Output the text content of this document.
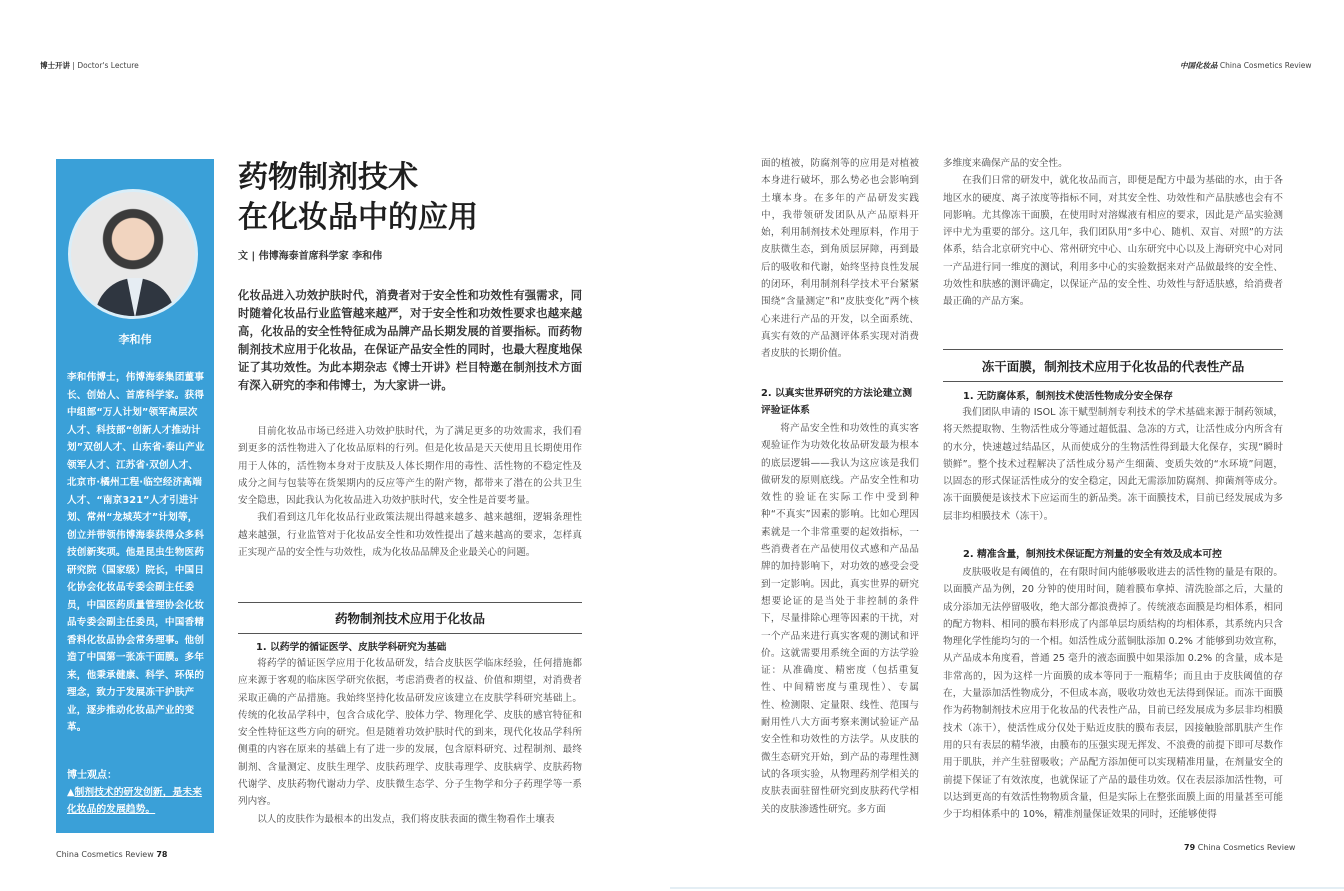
博士开讲 | Doctor's Lecture	中国化妆品 China Cosmetics Review
李和伟
李和伟博士，伟博海泰集团董事长、创始人、首席科学家。获得中组部“万人计划”领军高层次人才、科技部“创新人才推动计划”双创人才、山东省·泰山产业领军人才、江苏省·双创人才、北京市·橘州工程·临空经济高端人才、“南京321”人才引进计划、常州“龙城英才”计划等，创立并带领伟博海泰获得众多科技创新奖项。他是昆虫生物医药研究院（国家级）院长，中国日化协会化妆品专委会副主任委员，中国医药质量管理协会化妆品专委会副主任委员，中国香精香料化妆品协会常务理事。他创造了中国第一张冻干面膜。多年来，他秉承健康、科学、环保的理念，致力于发展冻干护肤产业，逐步推动化妆品产业的变革。
博士观点：
▲制剂技术的研发创新，是未来化妆品的发展趋势。
药物制剂技术
在化妆品中的应用
文 | 伟博海泰首席科学家 李和伟
化妆品进入功效护肤时代，消费者对于安全性和功效性有强需求，同时随着化妆品行业监管越来越严，对于安全性和功效性要求也越来越高，化妆品的安全性特征成为品牌产品长期发展的首要指标。而药物制剂技术应用于化妆品，在保证产品安全性的同时，也最大程度地保证了其功效性。为此本期杂志《博士开讲》栏目特邀在制剂技术方面有深入研究的李和伟博士，为大家讲一讲。

目前化妆品市场已经进入功效护肤时代，为了满足更多的功效需求，我们看到更多的活性物进入了化妆品原料的行列。但是化妆品是天天使用且长期使用作用于人体的，活性物本身对于皮肤及人体长期作用的毒性、活性物的不稳定性及成分之间与包装等在货架期内的反应等产生的附产物，都带来了潜在的公共卫生安全隐患，因此我认为化妆品进入功效护肤时代，安全性是首要考量。

我们看到这几年化妆品行业政策法规出得越来越多、越来越细，逻辑条理性越来越强，行业监管对于化妆品安全性和功效性提出了越来越高的要求，怎样真正实现产品的安全性与功效性，成为化妆品品牌及企业最关心的问题。

药物制剂技术应用于化妆品
1. 以药学的循证医学、皮肤学科研究为基础

将药学的循证医学应用于化妆品研发，结合皮肤医学临床经验，任何措施都应来源于客观的临床医学研究依据，考虑消费者的权益、价值和期望，对消费者采取正确的产品措施。我始终坚持化妆品研发应该建立在皮肤学科研究基础上。传统的化妆品学科中，包含合成化学、胶体力学、物理化学、皮肤的感官特征和安全性特征这些方向的研究。但是随着功效护肤时代的到来，现代化妆品学科所侧重的内容在原来的基础上有了进一步的发展，包含原料研究、过程制剂、最终制剂、含量测定、皮肤生理学、皮肤药理学、皮肤毒理学、皮肤病学、皮肤药物代谢学、皮肤药物代谢动力学、皮肤微生态学、分子生物学和分子药理学等一系列内容。

以人的皮肤作为最根本的出发点，我们将皮肤表面的微生物看作土壤表

面的植被，防腐剂等的应用是对植被本身进行破坏，那么势必也会影响到土壤本身。在多年的产品研发实践中，我带领研发团队从产品原料开始，利用制剂技术处理原料，作用于皮肤微生态，到角质层屏障，再到最后的吸收和代谢，始终坚持良性发展的闭环，利用制剂科学技术平台紧紧围绕“含量测定”和“皮肤变化”两个核心来进行产品的开发，以全面系统、真实有效的产品测评体系实现对消费者皮肤的长期价值。
2. 以真实世界研究的方法论建立测评验证体系

将产品安全性和功效性的真实客观验证作为功效化妆品研发最为根本的底层逻辑——我认为这应该是我们做研发的原则底线。产品安全性和功效性的验证在实际工作中受到种种“不真实”因素的影响。比如心理因素就是一个非常重要的起效指标，一些消费者在产品使用仪式感和产品品牌的加持影响下，对功效的感受会受到一定影响。因此，真实世界的研究想要论证的是当处于非控制的条件下，尽量排除心理等因素的干扰，对一个产品来进行真实客观的测试和评价。这就需要用系统全面的方法学验证：从准确度、精密度（包括重复性、中间精密度与重现性）、专属性、检测限、定量限、线性、范围与耐用性八大方面考察来测试验证产品安全性和功效性的方法学。从皮肤的微生态研究开始，到产品的毒理性测试的各项实验，从物理药剂学相关的皮肤表面驻留性研究到皮肤药代学相关的皮肤渗透性研究。多方面

多维度来确保产品的安全性。

在我们日常的研发中，就化妆品而言，即便是配方中最为基础的水，由于各地区水的硬度、离子浓度等指标不同，对其安全性、功效性和产品肤感也会有不同影响。尤其像冻干面膜，在使用时对溶媒液有相应的要求，因此是产品实验测评中尤为重要的部分。这几年，我们团队用“多中心、随机、双盲、对照”的方法体系，结合北京研究中心、常州研究中心、山东研究中心以及上海研究中心对同一产品进行同一维度的测试，利用多中心的实验数据来对产品做最终的安全性、功效性和肤感的测评确定，以保证产品的安全性、功效性与舒适肤感，给消费者最正确的产品方案。

冻干面膜，制剂技术应用于化妆品的代表性产品
1. 无防腐体系，制剂技术使活性物成分安全保存

我们团队申请的 ISOL 冻干赋型制剂专利技术的学术基础来源于制药领域，将天然提取物、生物活性成分等通过超低温、急冻的方式，让活性成分内所含有的水分，快速越过结晶区，从而使成分的生物活性得到最大化保存，实现“瞬时锁鲜”。整个技术过程解决了活性成分易产生细菌、变质失效的“水环境”问题，以固态的形式保证活性成分的安全稳定，因此无需添加防腐剂、抑菌剂等成分。冻干面膜便是该技术下应运而生的新品类。冻干面膜技术，目前已经发展成为多层非均相膜技术（冻干）。

2. 精准含量，制剂技术保证配方剂量的安全有效及成本可控

皮肤吸收是有阈值的，在有限时间内能够吸收进去的活性物的量是有限的。以面膜产品为例，20 分钟的使用时间，随着膜布拿掉、清洗脸部之后，大量的成分添加无法停留吸收，绝大部分都浪费掉了。传统液态面膜是均相体系，相同的配方物料、相同的膜布料形成了内部单层均质结构的均相体系，其系统内只含物理化学性能均匀的一个相。如活性成分蓝铜肽添加 0.2% 才能够到功效宣称，从产品成本角度看，普通 25 毫升的液态面膜中如果添加 0.2% 的含量，成本是非常高的，因为这样一片面膜的成本等同于一瓶精华；而且由于皮肤阈值的存在，大量添加活性物成分，不但成本高，吸收功效也无法得到保证。而冻干面膜作为药物制剂技术应用于化妆品的代表性产品，目前已经发展成为多层非均相膜技术（冻干），使活性成分仅处于贴近皮肤的膜布表层，因接触脸部肌肤产生作用的只有表层的精华液，由膜布的压强实现无挥发、不浪费的前提下即可尽数作用于肌肤，并产生驻留吸收；产品配方添加便可以实现精准用量，在剂量安全的前提下保证了有效浓度，也就保证了产品的最佳功效。仅在表层添加活性物，可以达到更高的有效活性物物质含量，但是实际上在整张面膜上面的用量甚至可能少于均相体系中的 10%，精准剂量保证效果的同时，还能够使得

China Cosmetics Review 78
79 China Cosmetics Review
